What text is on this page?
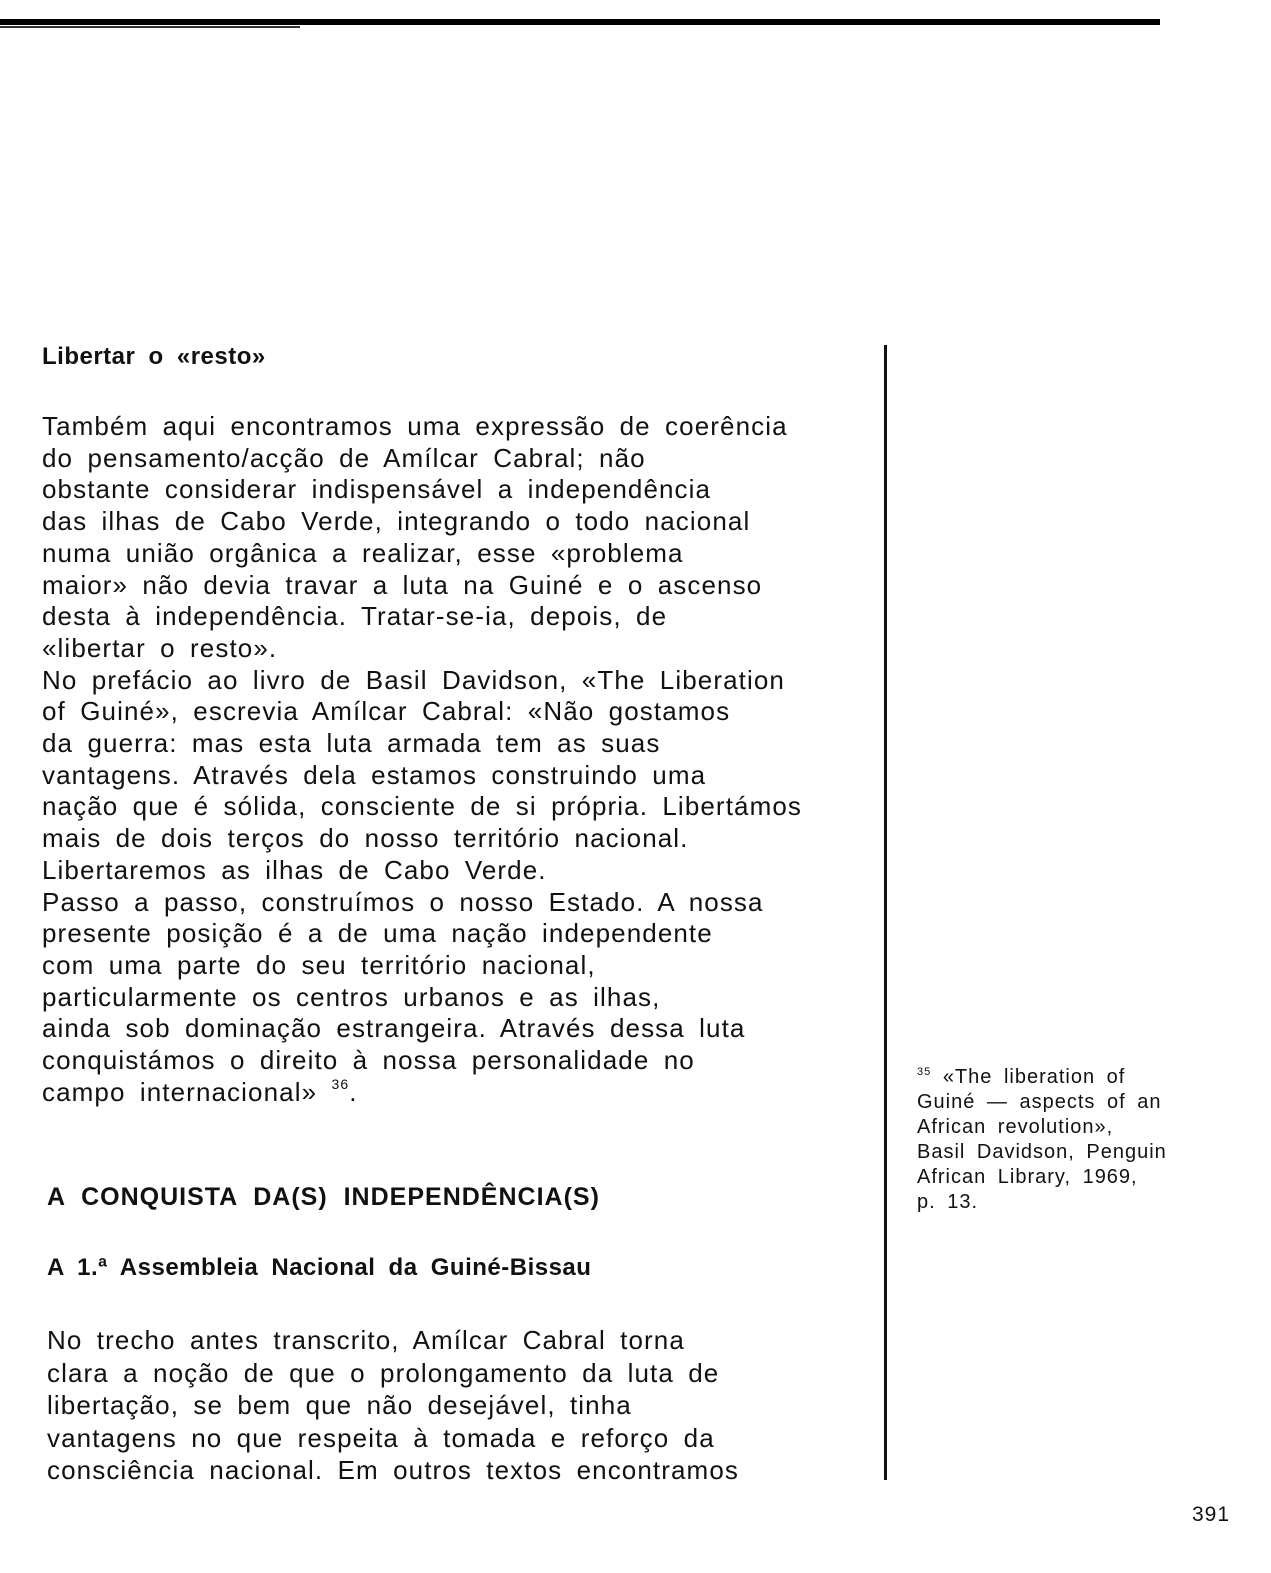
Libertar o «resto»
Também aqui encontramos uma expressão de coerência
do pensamento/acção de Amílcar Cabral; não
obstante considerar indispensável a independência
das ilhas de Cabo Verde, integrando o todo nacional
numa união orgânica a realizar, esse «problema
maior» não devia travar a luta na Guiné e o ascenso
desta à independência. Tratar-se-ia, depois, de
«libertar o resto».
No prefácio ao livro de Basil Davidson, «The Liberation
of Guiné», escrevia Amílcar Cabral: «Não gostamos
da guerra: mas esta luta armada tem as suas
vantagens. Através dela estamos construindo uma
nação que é sólida, consciente de si própria. Libertámos
mais de dois terços do nosso território nacional.
Libertaremos as ilhas de Cabo Verde.
Passo a passo, construímos o nosso Estado. A nossa
presente posição é a de uma nação independente
com uma parte do seu território nacional,
particularmente os centros urbanos e as ilhas,
ainda sob dominação estrangeira. Através dessa luta
conquistámos o direito à nossa personalidade no
campo internacional» $^{36}$.
A CONQUISTA DA(S) INDEPENDÊNCIA(S)
A 1.ª Assembleia Nacional da Guiné-Bissau
No trecho antes transcrito, Amílcar Cabral torna
clara a noção de que o prolongamento da luta de
libertação, se bem que não desejável, tinha
vantagens no que respeita à tomada e reforço da
consciência nacional. Em outros textos encontramos
$^{35}$ «The liberation of
Guiné — aspects of an
African revolution»,
Basil Davidson, Penguin
African Library, 1969,
p. 13.
391
